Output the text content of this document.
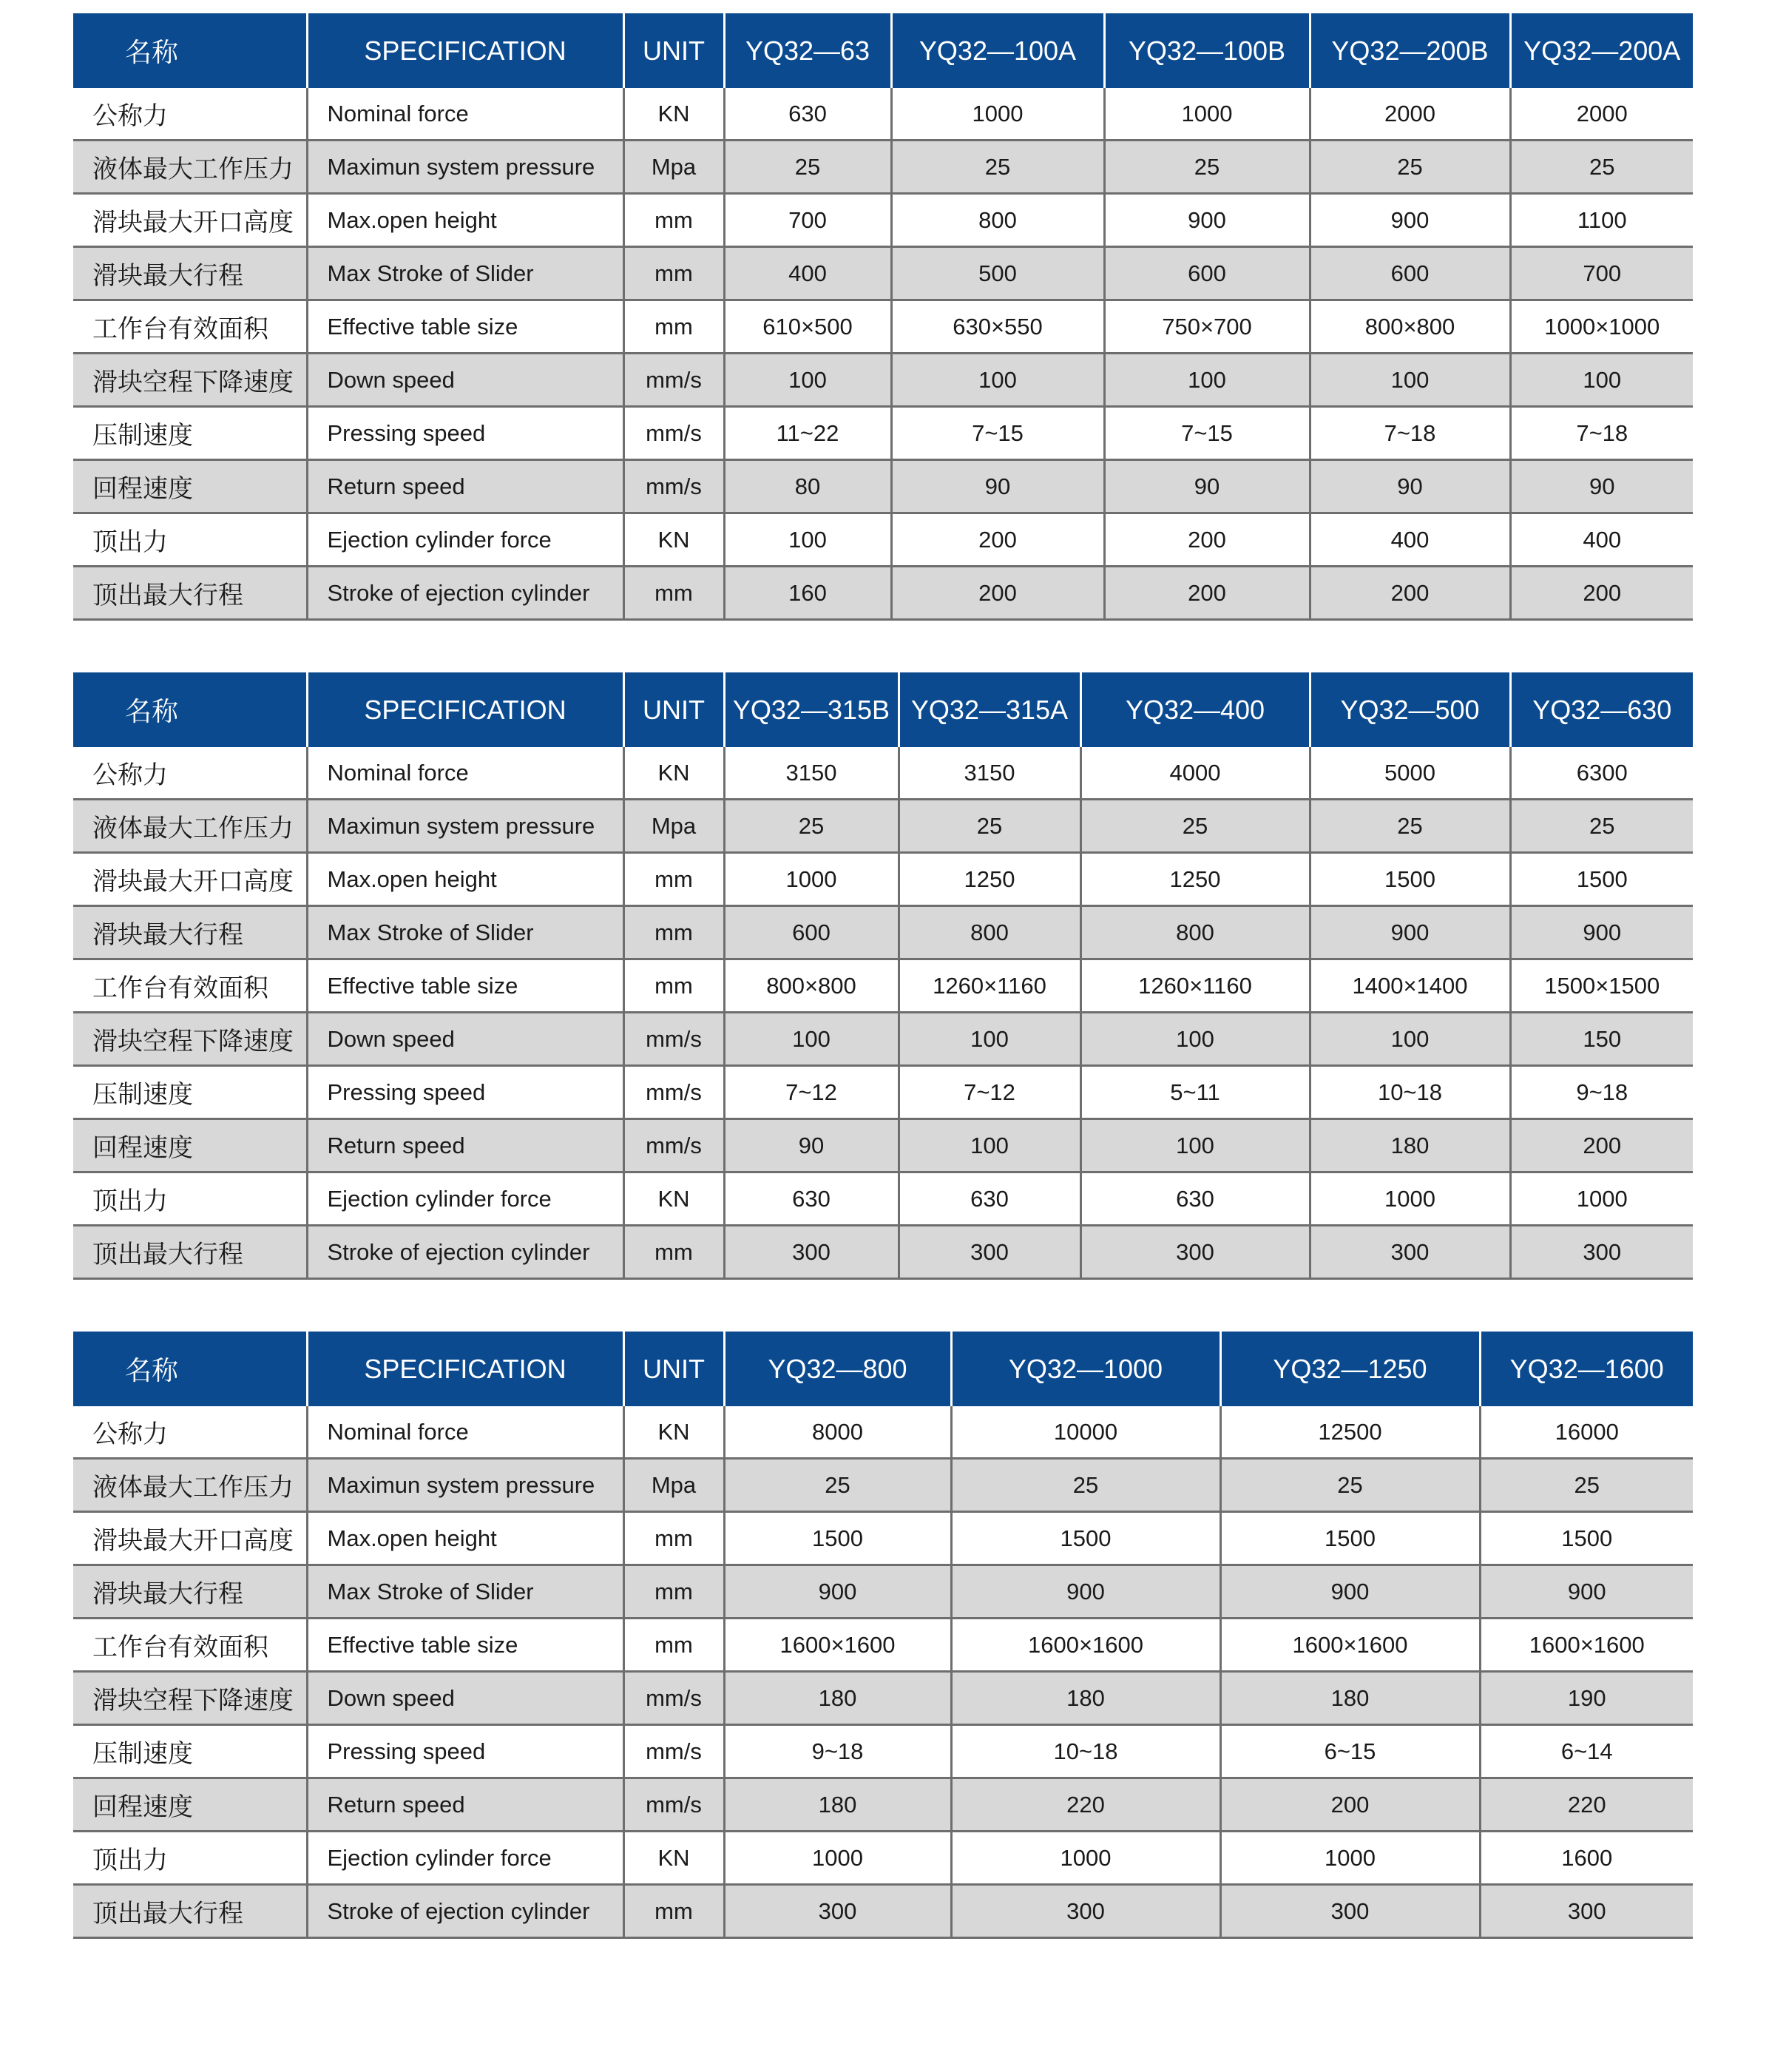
名称	SPECIFICATION	UNIT	YQ32—63	YQ32—100A	YQ32—100B	YQ32—200B	YQ32—200A
公称力	Nominal force	KN	630	1000	1000	2000	2000
液体最大工作压力	Maximun system pressure	Mpa	25	25	25	25	25
滑块最大开口高度	Max.open height	mm	700	800	900	900	1100
滑块最大行程	Max Stroke of Slider	mm	400	500	600	600	700
工作台有效面积	Effective table size	mm	610×500	630×550	750×700	800×800	1000×1000
滑块空程下降速度	Down speed	mm/s	100	100	100	100	100
压制速度	Pressing speed	mm/s	11~22	7~15	7~15	7~18	7~18
回程速度	Return speed	mm/s	80	90	90	90	90
顶出力	Ejection cylinder force	KN	100	200	200	400	400
顶出最大行程	Stroke of ejection cylinder	mm	160	200	200	200	200
名称	SPECIFICATION	UNIT	YQ32—315B	YQ32—315A	YQ32—400	YQ32—500	YQ32—630
公称力	Nominal force	KN	3150	3150	4000	5000	6300
液体最大工作压力	Maximun system pressure	Mpa	25	25	25	25	25
滑块最大开口高度	Max.open height	mm	1000	1250	1250	1500	1500
滑块最大行程	Max Stroke of Slider	mm	600	800	800	900	900
工作台有效面积	Effective table size	mm	800×800	1260×1160	1260×1160	1400×1400	1500×1500
滑块空程下降速度	Down speed	mm/s	100	100	100	100	150
压制速度	Pressing speed	mm/s	7~12	7~12	5~11	10~18	9~18
回程速度	Return speed	mm/s	90	100	100	180	200
顶出力	Ejection cylinder force	KN	630	630	630	1000	1000
顶出最大行程	Stroke of ejection cylinder	mm	300	300	300	300	300
名称	SPECIFICATION	UNIT	YQ32—800	YQ32—1000	YQ32—1250	YQ32—1600
公称力	Nominal force	KN	8000	10000	12500	16000
液体最大工作压力	Maximun system pressure	Mpa	25	25	25	25
滑块最大开口高度	Max.open height	mm	1500	1500	1500	1500
滑块最大行程	Max Stroke of Slider	mm	900	900	900	900
工作台有效面积	Effective table size	mm	1600×1600	1600×1600	1600×1600	1600×1600
滑块空程下降速度	Down speed	mm/s	180	180	180	190
压制速度	Pressing speed	mm/s	9~18	10~18	6~15	6~14
回程速度	Return speed	mm/s	180	220	200	220
顶出力	Ejection cylinder force	KN	1000	1000	1000	1600
顶出最大行程	Stroke of ejection cylinder	mm	300	300	300	300
